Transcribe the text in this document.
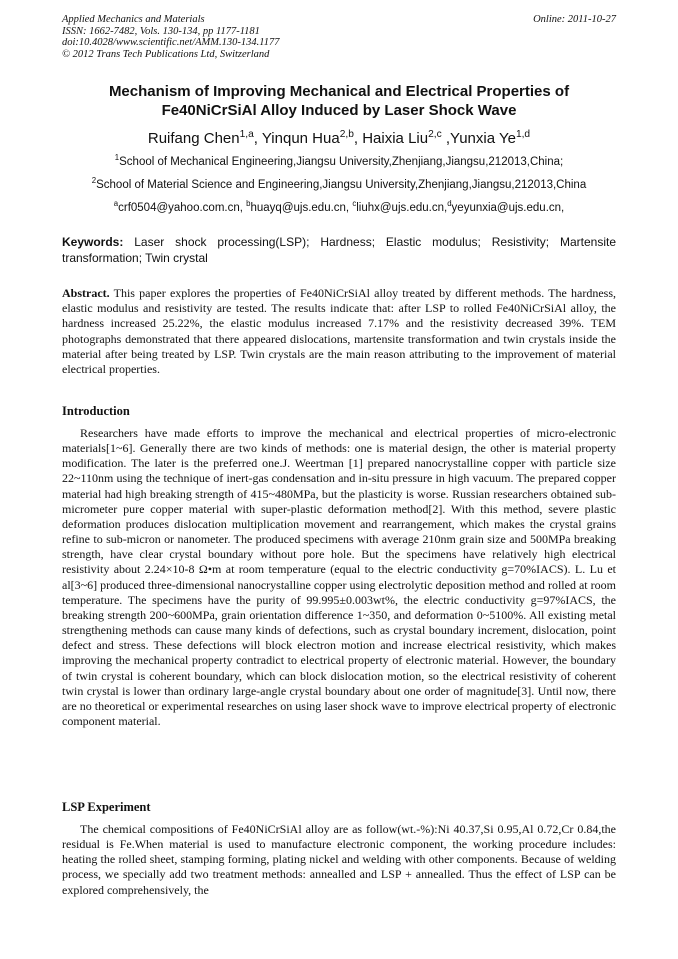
Applied Mechanics and Materials
ISSN: 1662-7482, Vols. 130-134, pp 1177-1181
doi:10.4028/www.scientific.net/AMM.130-134.1177
© 2012 Trans Tech Publications Ltd, Switzerland
Online: 2011-10-27
Mechanism of Improving Mechanical and Electrical Properties of
Fe40NiCrSiAl Alloy Induced by Laser Shock Wave
Ruifang Chen$^{1,a}$, Yinqun Hua$^{2,b}$, Haixia Liu$^{2,c}$ ,Yunxia Ye$^{1,d}$
$^1$School of Mechanical Engineering,Jiangsu University,Zhenjiang,Jiangsu,212013,China;
$^2$School of Material Science and Engineering,Jiangsu University,Zhenjiang,Jiangsu,212013,China
$^a$crf0504@yahoo.com.cn, $^b$huayq@ujs.edu.cn, $^c$liuhx@ujs.edu.cn,$^d$yeyunxia@ujs.edu.cn,
Keywords: Laser shock processing(LSP); Hardness; Elastic modulus; Resistivity; Martensite transformation; Twin crystal
Abstract. This paper explores the properties of Fe40NiCrSiAl alloy treated by different methods. The hardness, elastic modulus and resistivity are tested. The results indicate that: after LSP to rolled Fe40NiCrSiAl alloy, the hardness increased 25.22%, the elastic modulus increased 7.17% and the resistivity decreased 39%. TEM photographs demonstrated that there appeared dislocations, martensite transformation and twin crystals inside the material after being treated by LSP. Twin crystals are the main reason attributing to the improvement of material electrical properties.
Introduction
Researchers have made efforts to improve the mechanical and electrical properties of micro-electronic materials[1~6]. Generally there are two kinds of methods: one is material design, the other is material property modification. The later is the preferred one.J. Weertman [1] prepared nanocrystalline copper with particle size 22~110nm using the technique of inert-gas condensation and in-situ pressure in high vacuum. The prepared copper material had high breaking strength of 415~480MPa, but the plasticity is worse. Russian researchers obtained sub-micrometer pure copper material with super-plastic deformation method[2]. With this method, severe plastic deformation produces dislocation multiplication movement and rearrangement, which makes the crystal grains refine to sub-micron or nanometer. The produced specimens with average 210nm grain size and 500MPa breaking strength, have clear crystal boundary without pore hole. But the specimens have relatively high electrical resistivity about 2.24×10-8 Ω•m at room temperature (equal to the electric conductivity g=70%IACS). L. Lu et al[3~6] produced three-dimensional nanocrystalline copper using electrolytic deposition method and rolled at room temperature. The specimens have the purity of 99.995±0.003wt%, the electric conductivity g=97%IACS, the breaking strength 200~600MPa, grain orientation difference 1~350, and deformation 0~5100%. All existing metal strengthening methods can cause many kinds of defections, such as crystal boundary increment, dislocation, point defect and stress. These defections will block electron motion and increase electrical resistivity, which makes improving the mechanical property contradict to electrical property of electronic material. However, the boundary of twin crystal is coherent boundary, which can block dislocation motion, so the electrical resistivity of coherent twin crystal is lower than ordinary large-angle crystal boundary about one order of magnitude[3]. Until now, there are no theoretical or experimental researches on using laser shock wave to improve electrical property of electronic component material.
LSP Experiment
The chemical compositions of Fe40NiCrSiAl alloy are as follow(wt.-%):Ni 40.37,Si 0.95,Al 0.72,Cr 0.84,the residual is Fe.When material is used to manufacture electronic component, the working procedure includes: heating the rolled sheet, stamping forming, plating nickel and welding with other components. Because of welding process, we specially add two treatment methods: annealled and LSP + annealled. Thus the effect of LSP can be explored comprehensively, the
